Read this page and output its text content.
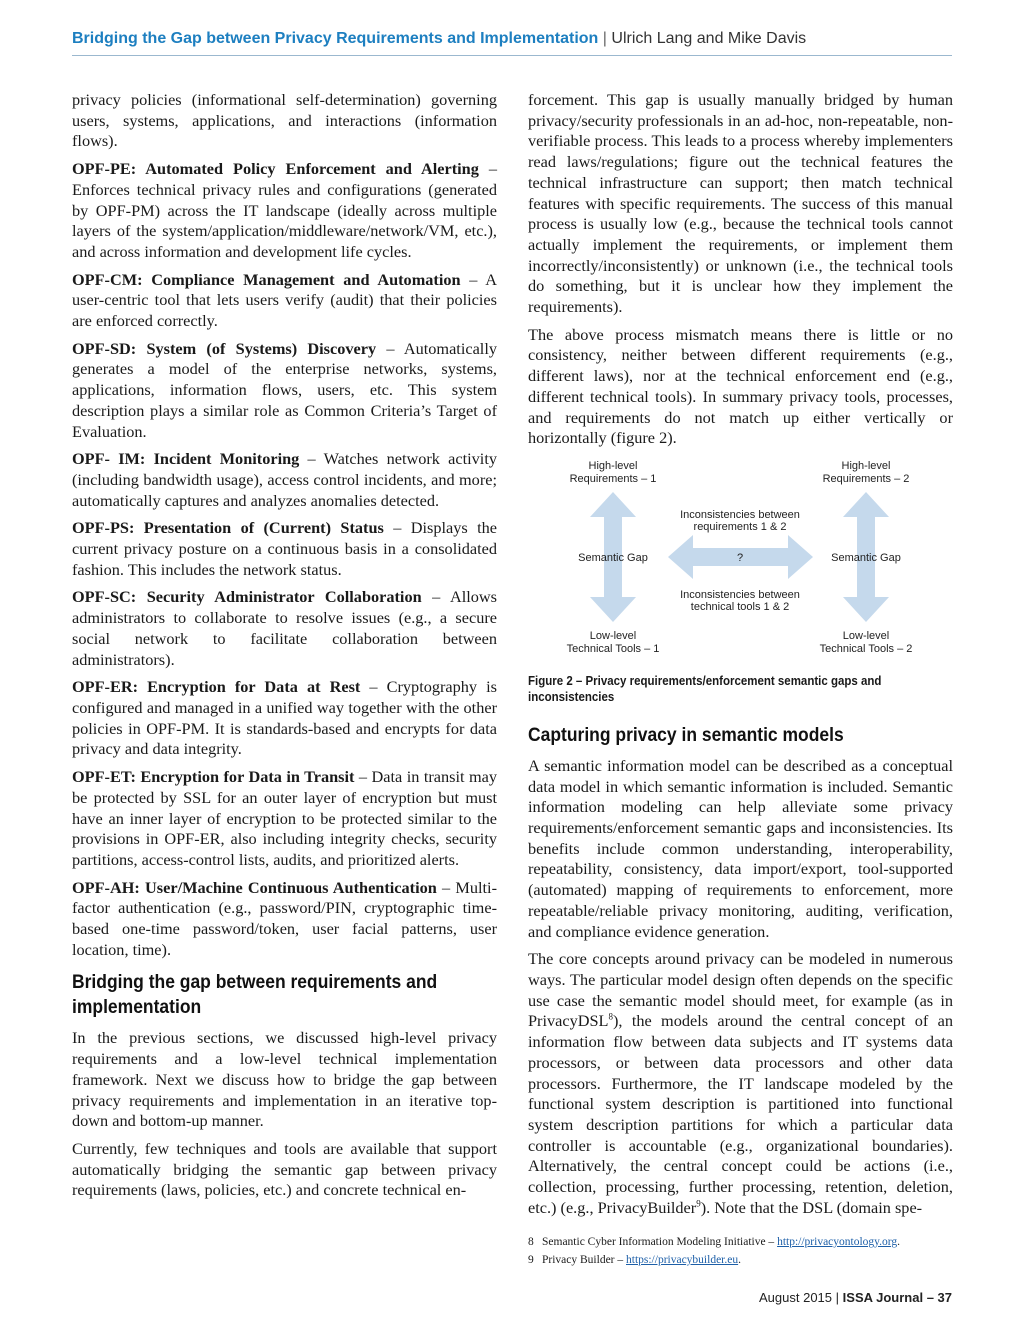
Bridging the Gap between Privacy Requirements and Implementation | Ulrich Lang and Mike Davis

privacy policies (informational self-determination) governing users, systems, applications, and interactions (information flows).

OPF-PE: Automated Policy Enforcement and Alerting – Enforces technical privacy rules and configurations (generated by OPF-PM) across the IT landscape (ideally across multiple layers of the system/application/middleware/network/VM, etc.), and across information and development life cycles.

OPF-CM: Compliance Management and Automation – A user-centric tool that lets users verify (audit) that their policies are enforced correctly.

OPF-SD: System (of Systems) Discovery – Automatically generates a model of the enterprise networks, systems, applications, information flows, users, etc. This system description plays a similar role as Common Criteria’s Target of Evaluation.

OPF- IM: Incident Monitoring – Watches network activity (including bandwidth usage), access control incidents, and more; automatically captures and analyzes anomalies detected.

OPF-PS: Presentation of (Current) Status – Displays the current privacy posture on a continuous basis in a consolidated fashion. This includes the network status.

OPF-SC: Security Administrator Collaboration – Allows administrators to collaborate to resolve issues (e.g., a secure social network to facilitate collaboration between administrators).

OPF-ER: Encryption for Data at Rest – Cryptography is configured and managed in a unified way together with the other policies in OPF-PM. It is standards-based and encrypts for data privacy and data integrity.

OPF-ET: Encryption for Data in Transit – Data in transit may be protected by SSL for an outer layer of encryption but must have an inner layer of encryption to be protected similar to the provisions in OPF-ER, also including integrity checks, security partitions, access-control lists, audits, and prioritized alerts.

OPF-AH: User/Machine Continuous Authentication – Multi-factor authentication (e.g., password/PIN, cryptographic time-based one-time password/token, user facial patterns, user location, time).

Bridging the gap between requirements and implementation

In the previous sections, we discussed high-level privacy requirements and a low-level technical implementation framework. Next we discuss how to bridge the gap between privacy requirements and implementation in an iterative top-down and bottom-up manner.

Currently, few techniques and tools are available that support automatically bridging the semantic gap between privacy requirements (laws, policies, etc.) and concrete technical en-

forcement. This gap is usually manually bridged by human privacy/security professionals in an ad-hoc, non-repeatable, non-verifiable process. This leads to a process whereby implementers read laws/regulations; figure out the technical features the technical infrastructure can support; then match technical features with specific requirements. The success of this manual process is usually low (e.g., because the technical tools cannot actually implement the requirements, or implement them incorrectly/inconsistently) or unknown (i.e., the technical tools do something, but it is unclear how they implement the requirements).

The above process mismatch means there is little or no consistency, neither between different requirements (e.g., different laws), nor at the technical enforcement end (e.g., different technical tools). In summary privacy tools, processes, and requirements do not match up either vertically or horizontally (figure 2).

High-level
Requirements – 1
High-level
Requirements – 2
Semantic Gap	Semantic Gap
Inconsistencies between
requirements 1 & 2
?
Inconsistencies between
technical tools 1 & 2
Low-level
Technical Tools – 1
Low-level
Technical Tools – 2
Figure 2 – Privacy requirements/enforcement semantic gaps and inconsistencies
Capturing privacy in semantic models

A semantic information model can be described as a conceptual data model in which semantic information is included. Semantic information modeling can help alleviate some privacy requirements/enforcement semantic gaps and inconsistencies. Its benefits include common understanding, interoperability, repeatability, consistency, data import/export, tool-supported (automated) mapping of requirements to enforcement, more repeatable/reliable privacy monitoring, auditing, verification, and compliance evidence generation.

The core concepts around privacy can be modeled in numerous ways. The particular model design often depends on the specific use case the semantic model should meet, for example (as in PrivacyDSL$^8$), the models around the central concept of an information flow between data subjects and IT systems data processors, or between data processors and other data processors. Furthermore, the IT landscape modeled by the functional system description is partitioned into functional system description partitions for which a particular data controller is accountable (e.g., organizational boundaries). Alternatively, the central concept could be actions (i.e., collection, processing, further processing, retention, deletion, etc.) (e.g., PrivacyBuilder$^9$). Note that the DSL (domain spe-

8 Semantic Cyber Information Modeling Initiative – http://privacyontology.org.
9 Privacy Builder – https://privacybuilder.eu.
August 2015 | ISSA Journal – 37
